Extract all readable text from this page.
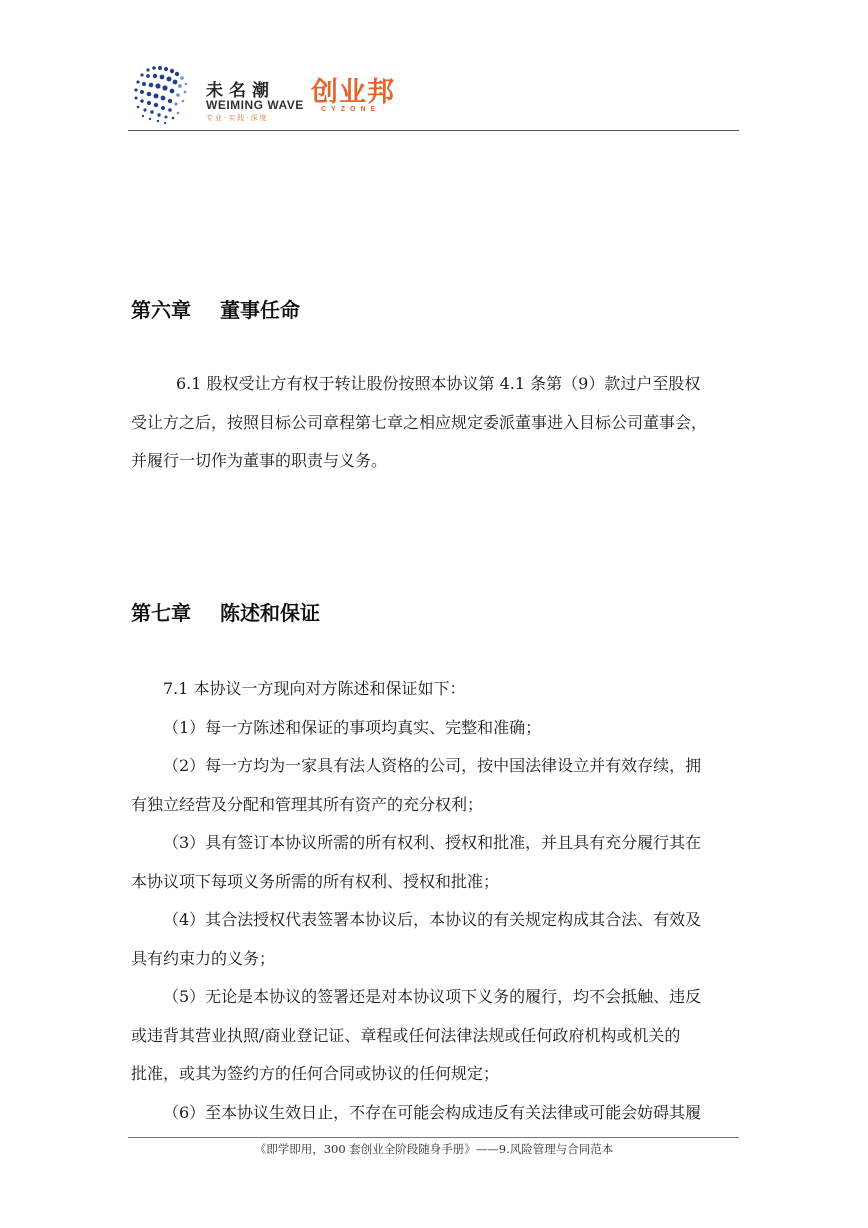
未名潮
WEIMING WAVE
专业·实践·深度
创业邦
CYZONE
第六章 董事任命
6.1 股权受让方有权于转让股份按照本协议第 4.1 条第（9）款过户至股权
受让方之后，按照目标公司章程第七章之相应规定委派董事进入目标公司董事会，
并履行一切作为董事的职责与义务。
第七章 陈述和保证
7.1 本协议一方现向对方陈述和保证如下：
（1）每一方陈述和保证的事项均真实、完整和准确；
（2）每一方均为一家具有法人资格的公司，按中国法律设立并有效存续，拥
有独立经营及分配和管理其所有资产的充分权利；
（3）具有签订本协议所需的所有权利、授权和批准，并且具有充分履行其在
本协议项下每项义务所需的所有权利、授权和批准；
（4）其合法授权代表签署本协议后，本协议的有关规定构成其合法、有效及
具有约束力的义务；
（5）无论是本协议的签署还是对本协议项下义务的履行，均不会抵触、违反
或违背其营业执照/商业登记证、章程或任何法律法规或任何政府机构或机关的
批准，或其为签约方的任何合同或协议的任何规定；
（6）至本协议生效日止，不存在可能会构成违反有关法律或可能会妨碍其履
《即学即用，300 套创业全阶段随身手册》——9.风险管理与合同范本
